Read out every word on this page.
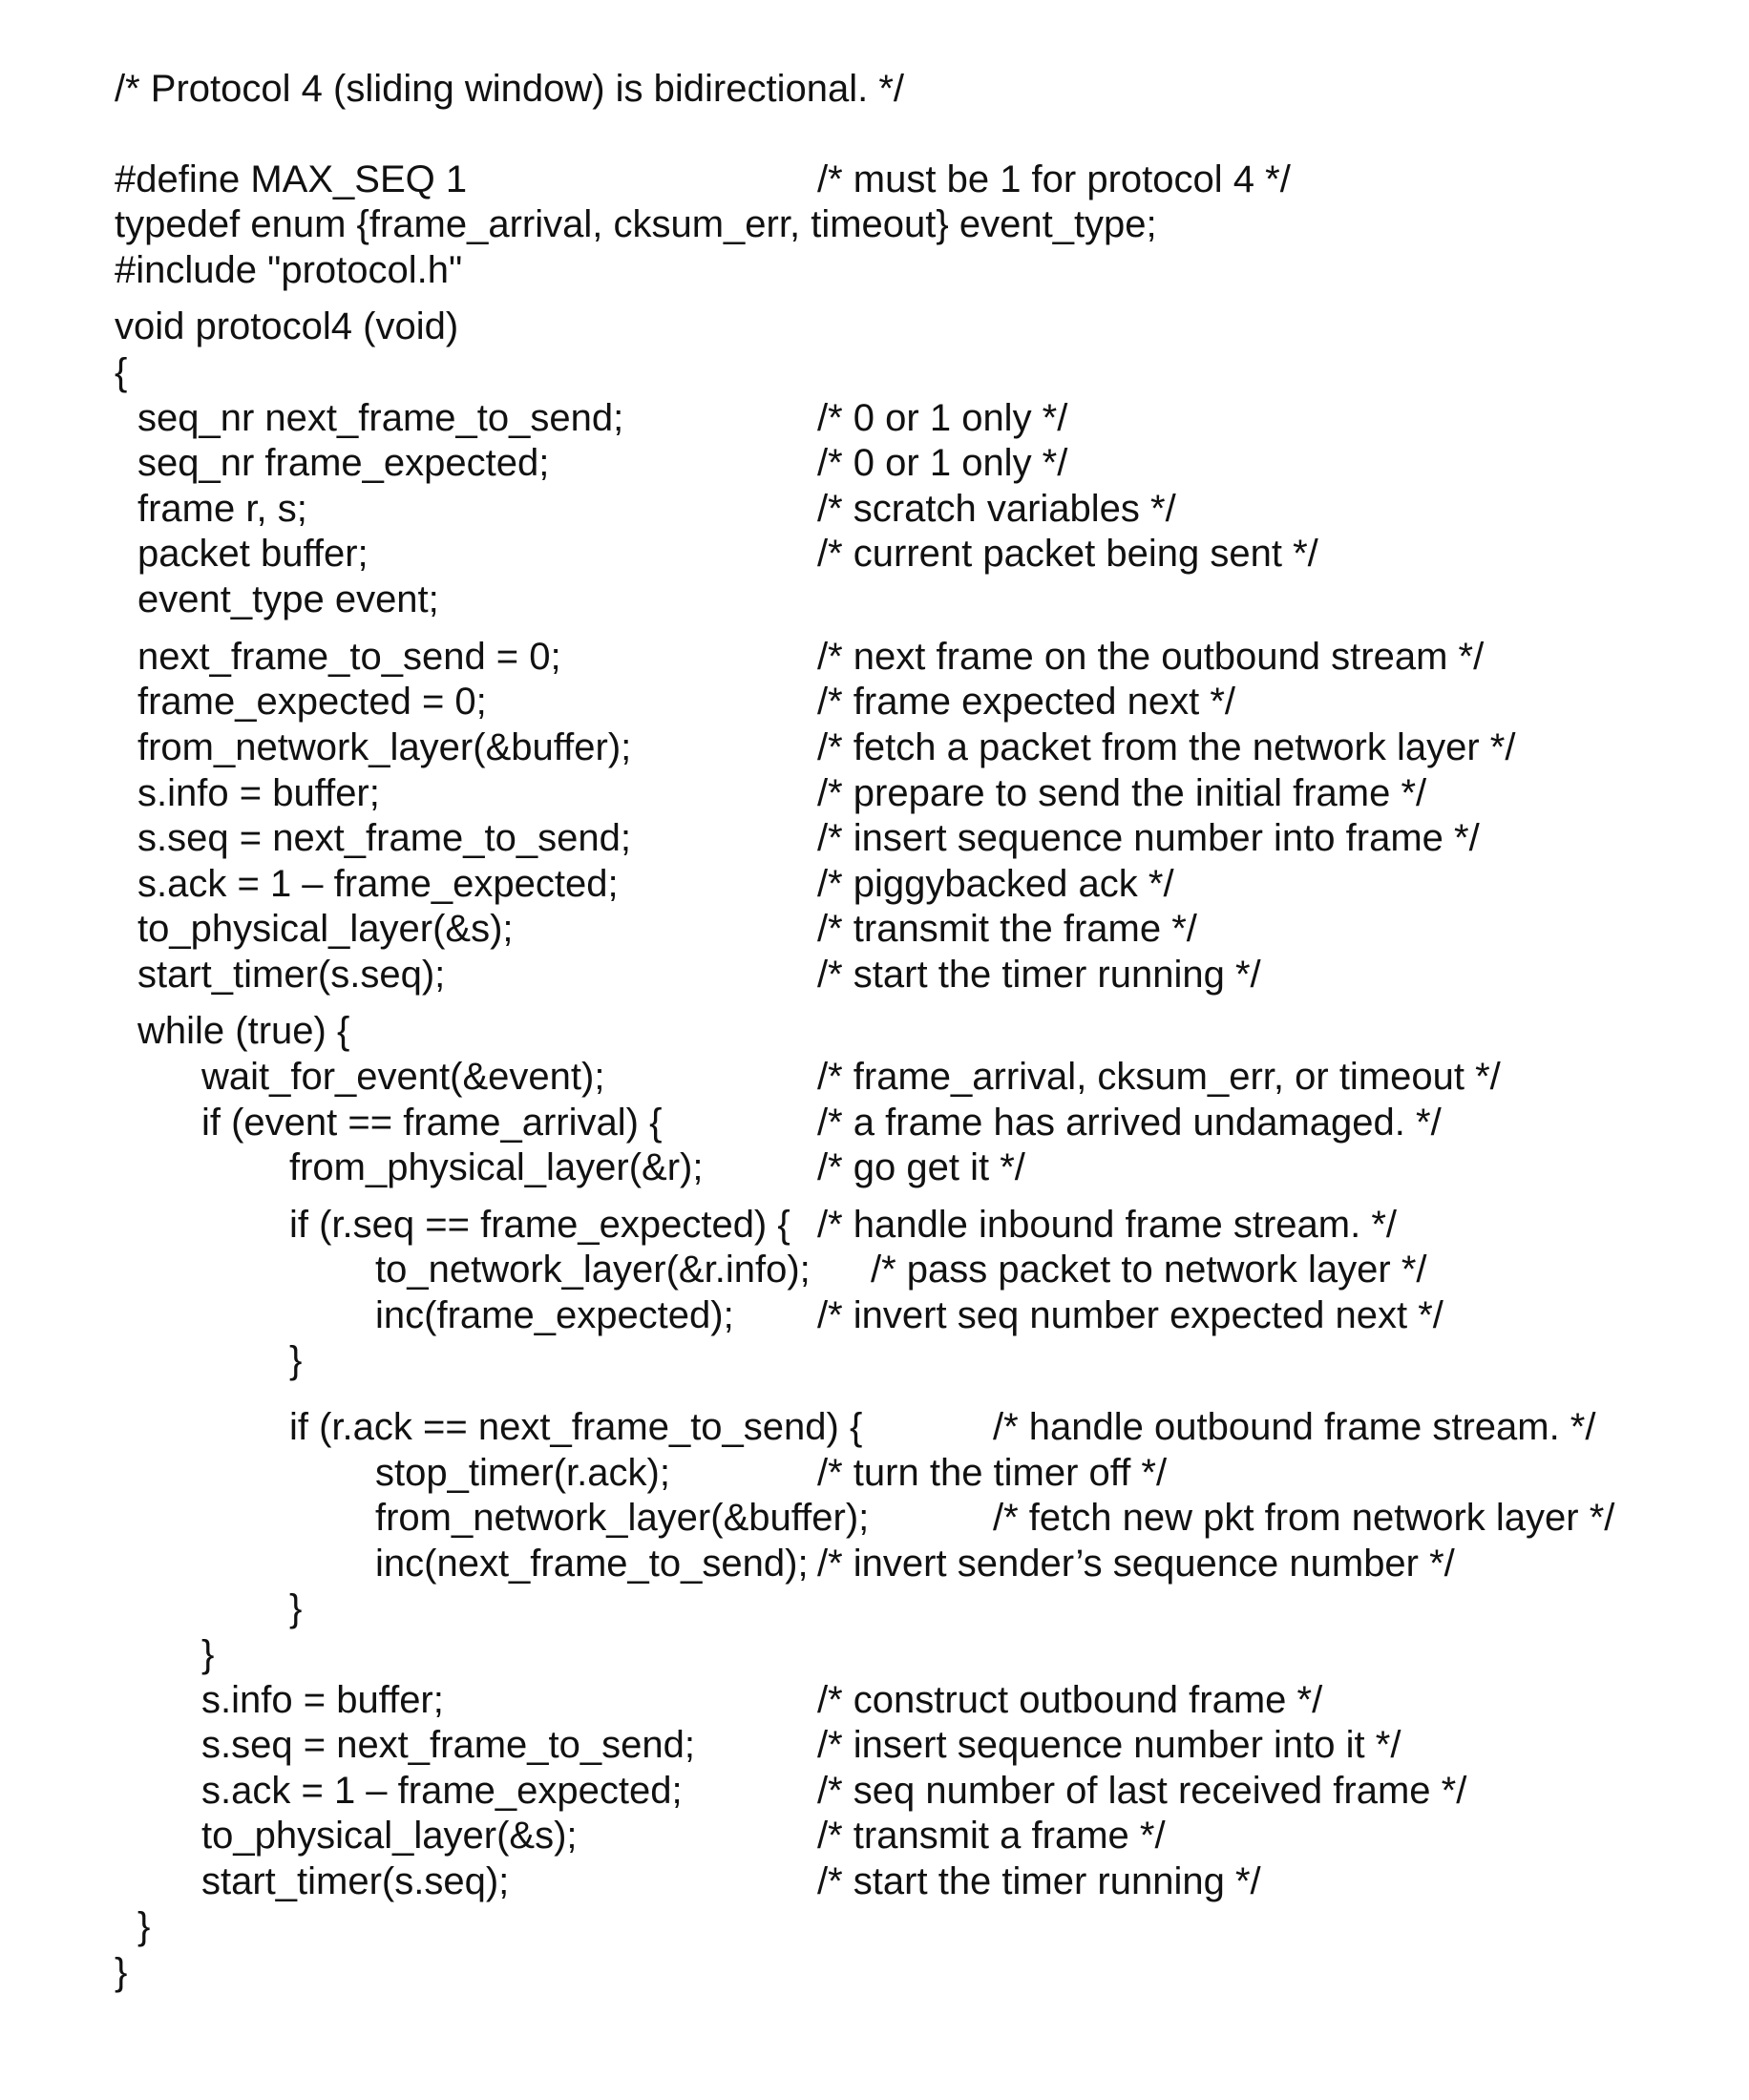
/* Protocol 4 (sliding window) is bidirectional. */
#define MAX_SEQ 1	/* must be 1 for protocol 4 */
typedef enum {frame_arrival, cksum_err, timeout} event_type;
#include "protocol.h"
void protocol4 (void)
{
seq_nr next_frame_to_send;	/* 0 or 1 only */
seq_nr frame_expected;	/* 0 or 1 only */
frame r, s;	/* scratch variables */
packet buffer;	/* current packet being sent */
event_type event;
next_frame_to_send = 0;	/* next frame on the outbound stream */
frame_expected = 0;	/* frame expected next */
from_network_layer(&buffer);	/* fetch a packet from the network layer */
s.info = buffer;	/* prepare to send the initial frame */
s.seq = next_frame_to_send;	/* insert sequence number into frame */
s.ack = 1 – frame_expected;	/* piggybacked ack */
to_physical_layer(&s);	/* transmit the frame */
start_timer(s.seq);	/* start the timer running */
while (true) {
wait_for_event(&event);	/* frame_arrival, cksum_err, or timeout */
if (event == frame_arrival) {	/* a frame has arrived undamaged. */
from_physical_layer(&r);	/* go get it */
if (r.seq == frame_expected) { /* handle inbound frame stream. */
to_network_layer(&r.info); /* pass packet to network layer */
inc(frame_expected); /* invert seq number expected next */
}
if (r.ack == next_frame_to_send) {	/* handle outbound frame stream. */
stop_timer(r.ack);	/* turn the timer off */
from_network_layer(&buffer);	/* fetch new pkt from network layer */
inc(next_frame_to_send); /* invert sender’s sequence number */
}
}
s.info = buffer;	/* construct outbound frame */
s.seq = next_frame_to_send;	/* insert sequence number into it */
s.ack = 1 – frame_expected;	/* seq number of last received frame */
to_physical_layer(&s);	/* transmit a frame */
start_timer(s.seq);	/* start the timer running */
}
}
